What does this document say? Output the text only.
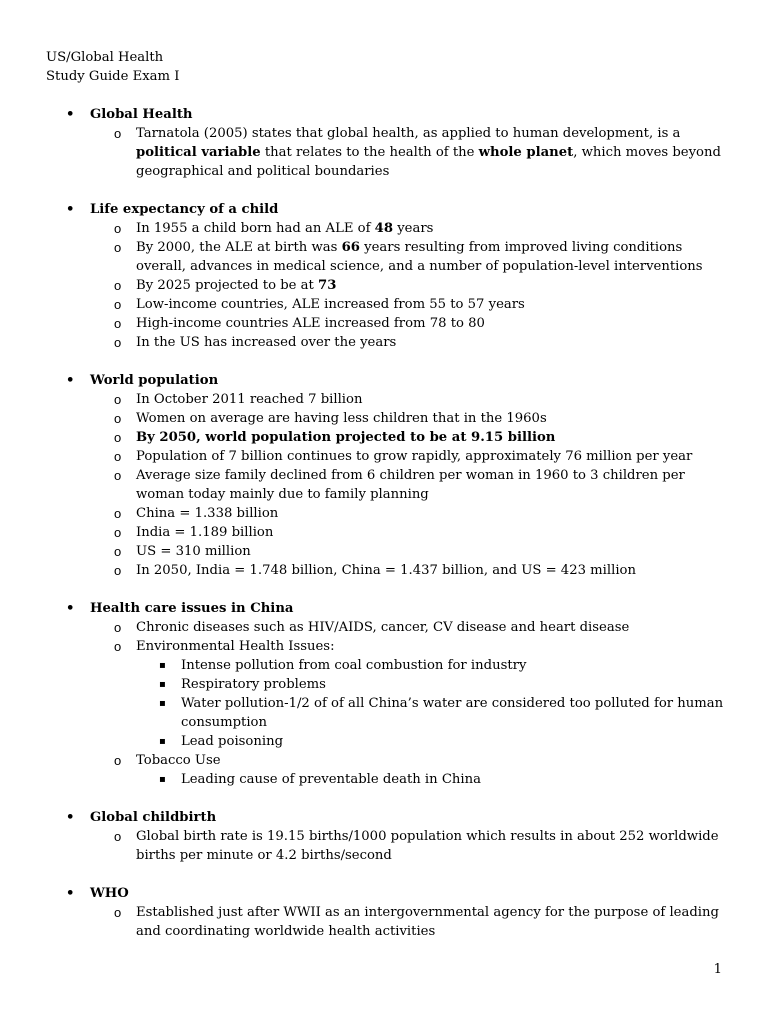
US/Global Health
Study Guide Exam I
• Global Health
o Tarnatola (2005) states that global health, as applied to human development, is a political variable that relates to the health of the whole planet, which moves beyond geographical and political boundaries
• Life expectancy of a child
o In 1955 a child born had an ALE of 48 years
o By 2000, the ALE at birth was 66 years resulting from improved living conditions overall, advances in medical science, and a number of population-level interventions
o By 2025 projected to be at 73
o Low-income countries, ALE increased from 55 to 57 years
o High-income countries ALE increased from 78 to 80
o In the US has increased over the years
• World population
o In October 2011 reached 7 billion
o Women on average are having less children that in the 1960s
o By 2050, world population projected to be at 9.15 billion
o Population of 7 billion continues to grow rapidly, approximately 76 million per year
o Average size family declined from 6 children per woman in 1960 to 3 children per woman today mainly due to family planning
o China = 1.338 billion
o India = 1.189 billion
o US = 310 million
o In 2050, India = 1.748 billion, China = 1.437 billion, and US = 423 million
• Health care issues in China
o Chronic diseases such as HIV/AIDS, cancer, CV disease and heart disease
o Environmental Health Issues:
▪ Intense pollution from coal combustion for industry
▪ Respiratory problems
▪ Water pollution-1/2 of of all China’s water are considered too polluted for human consumption
▪ Lead poisoning
o Tobacco Use
▪ Leading cause of preventable death in China
• Global childbirth
o Global birth rate is 19.15 births/1000 population which results in about 252 worldwide births per minute or 4.2 births/second
• WHO
o Established just after WWII as an intergovernmental agency for the purpose of leading and coordinating worldwide health activities
1
